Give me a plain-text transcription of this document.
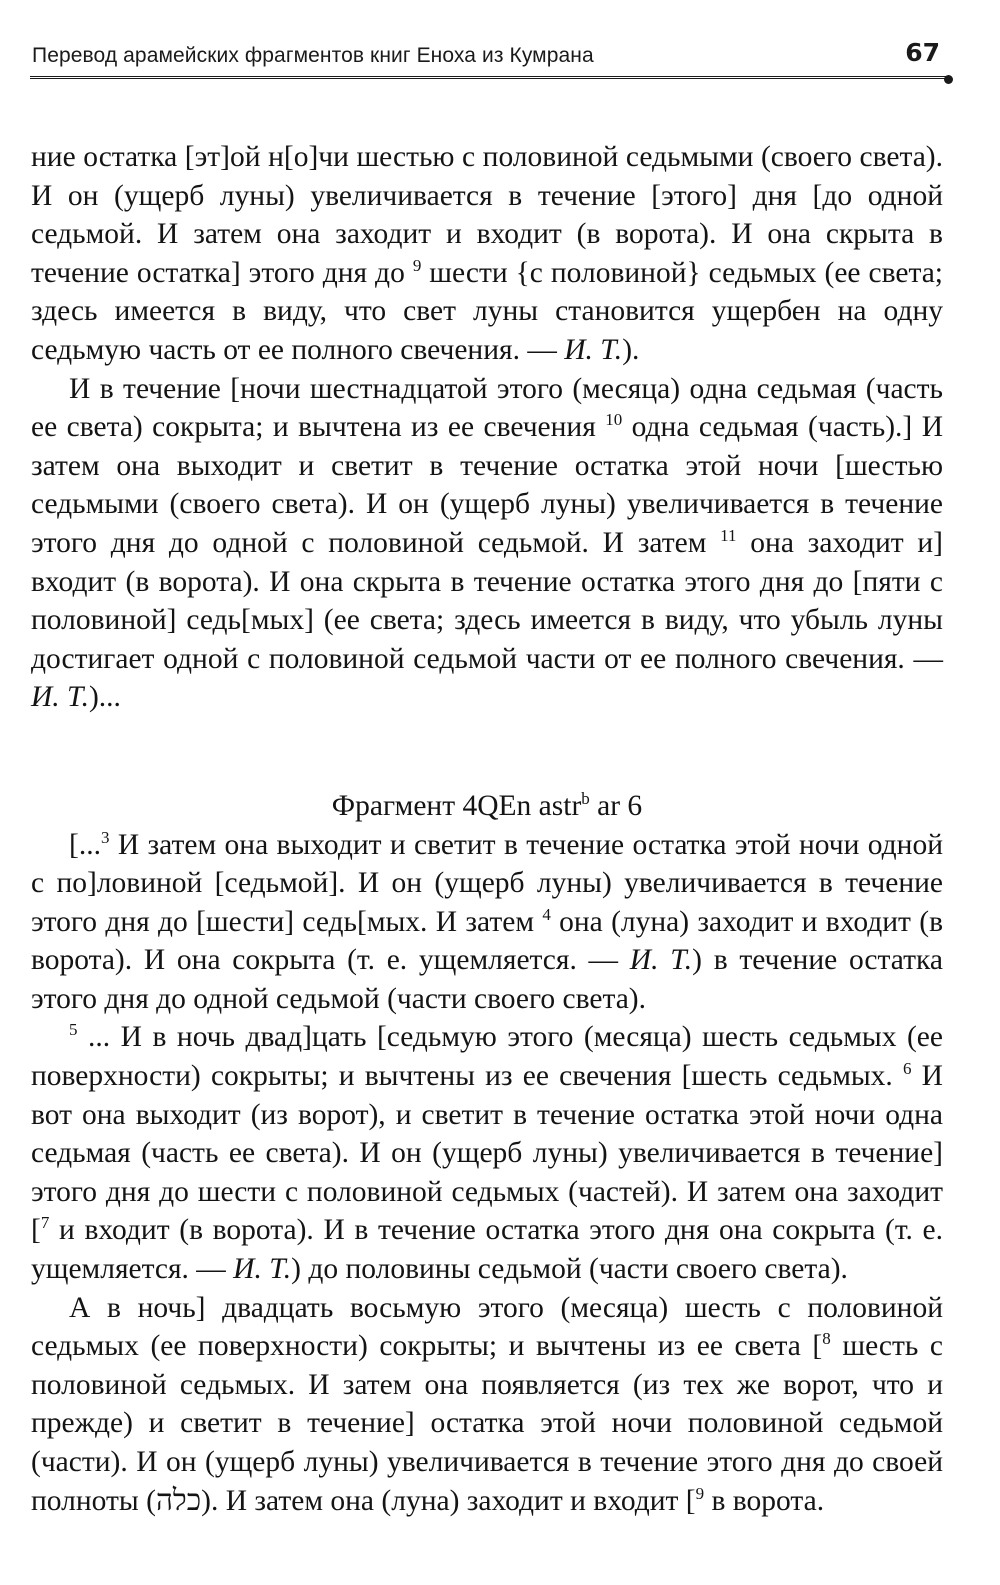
Перевод арамейских фрагментов книг Еноха из Кумрана	67

ние остатка [эт]ой н[о]чи шестью с половиной седьмыми (своего света). И он (ущерб луны) увеличивается в течение [этого] дня [до одной седьмой. И затем она заходит и входит (в ворота). И она скрыта в течение остатка] этого дня до $^9$ шести {с половиной} седьмых (ее света; здесь имеется в виду, что свет луны становится ущербен на одну седьмую часть от ее полного свечения. — И. Т.).

И в течение [ночи шестнадцатой этого (месяца) одна седьмая (часть ее света) сокрыта; и вычтена из ее свечения $^{10}$ одна седьмая (часть).] И затем она выходит и светит в течение остатка этой ночи [шестью седьмыми (своего света). И он (ущерб луны) увеличивается в течение этого дня до одной с половиной седьмой. И затем $^{11}$ она заходит и] входит (в ворота). И она скрыта в течение остатка этого дня до [пяти с половиной] седь[мых] (ее света; здесь имеется в виду, что убыль луны достигает одной с половиной седьмой части от ее полного свечения. — И. Т.)...

Фрагмент 4QEn astr$^b$ ar 6

[...$^3$ И затем она выходит и светит в течение остатка этой ночи одной с по]ловиной [седьмой]. И он (ущерб луны) увеличивается в течение этого дня до [шести] седь[мых. И затем $^4$ она (луна) заходит и входит (в ворота). И она сокрыта (т. е. ущемляется. — И. Т.) в течение остатка этого дня до одной седьмой (части своего света).

$^5$ ... И в ночь двад]цать [седьмую этого (месяца) шесть седьмых (ее поверхности) сокрыты; и вычтены из ее свечения [шесть седьмых. $^6$ И вот она выходит (из ворот), и светит в течение остатка этой ночи одна седьмая (часть ее света). И он (ущерб луны) увеличивается в течение] этого дня до шести с половиной седьмых (частей). И затем она заходит [$^7$ и входит (в ворота). И в течение остатка этого дня она сокрыта (т. е. ущемляется. — И. Т.) до половины седьмой (части своего света).

А в ночь] двадцать восьмую этого (месяца) шесть с половиной седьмых (ее поверхности) сокрыты; и вычтены из ее света [$^8$ шесть с половиной седьмых. И затем она появляется (из тех же ворот, что и прежде) и светит в течение] остатка этой ночи половиной седьмой (части). И он (ущерб луны) увеличивается в течение этого дня до своей полноты (כלה). И затем она (луна) заходит и входит [$^9$ в ворота.
